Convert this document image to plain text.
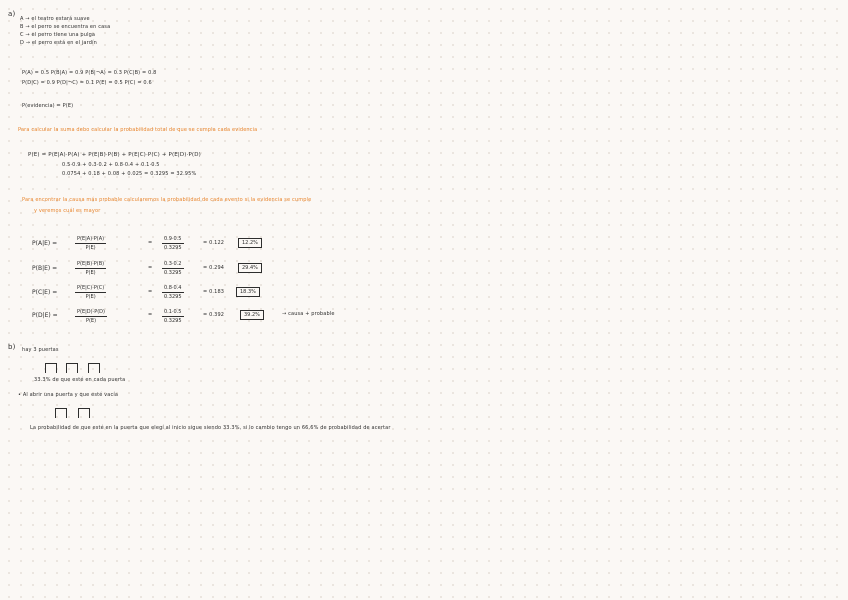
a)
A → el teatro estará suave
B → el perro se encuentra en casa
C → el perro tiene una pulga
D → el perro está en el jardín
P(A) = 0.5 P(B|A) = 0.9 P(B|¬A) = 0.3 P(C|B) = 0.8
P(D|C) = 0.9 P(D|¬C) = 0.1 P(E) = 0.5 P(C) = 0.6
P(evidencia) = P(E)
Para calcular la suma debo calcular la probabilidad total de que se cumpla cada evidencia
P(E) = P(E|A)·P(A) + P(E|B)·P(B) + P(E|C)·P(C) + P(E|D)·P(D)
0.5·0.9 + 0.3·0.2 + 0.8·0.4 + 0.1·0.5
0.0754 + 0.18 + 0.08 + 0.025 = 0.3295 = 32.95%
Para encontrar la causa más probable calcularemos la probabilidad de cada evento si la evidencia se cumple
y veremos cuál es mayor
P(A|E) =	$\frac{P(E|A)\cdot P(A)}{P(E)}$	= $\frac{0.9\cdot 0.5}{0.3295}$	= 0.122	12.2%
P(B|E) =	$\frac{P(E|B)\cdot P(B)}{P(E)}$	= $\frac{0.3\cdot 0.2}{0.3295}$	= 0.294	29.4%
P(C|E) =	$\frac{P(E|C)\cdot P(C)}{P(E)}$	= $\frac{0.8\cdot 0.4}{0.3295}$	= 0.183	18.3%
P(D|E) =	$\frac{P(E|D)\cdot P(D)}{P(E)}$	= $\frac{0.1\cdot 0.5}{0.3295}$	= 0.392	39.2%	→ causa + probable
b) hay 3 puertas
33.3% de que esté en cada puerta
• Al abrir una puerta y que esté vacía
La probabilidad de que esté en la puerta que elegí al inicio sigue siendo 33.3%, si lo cambio tengo un 66.6% de probabilidad de acertar
